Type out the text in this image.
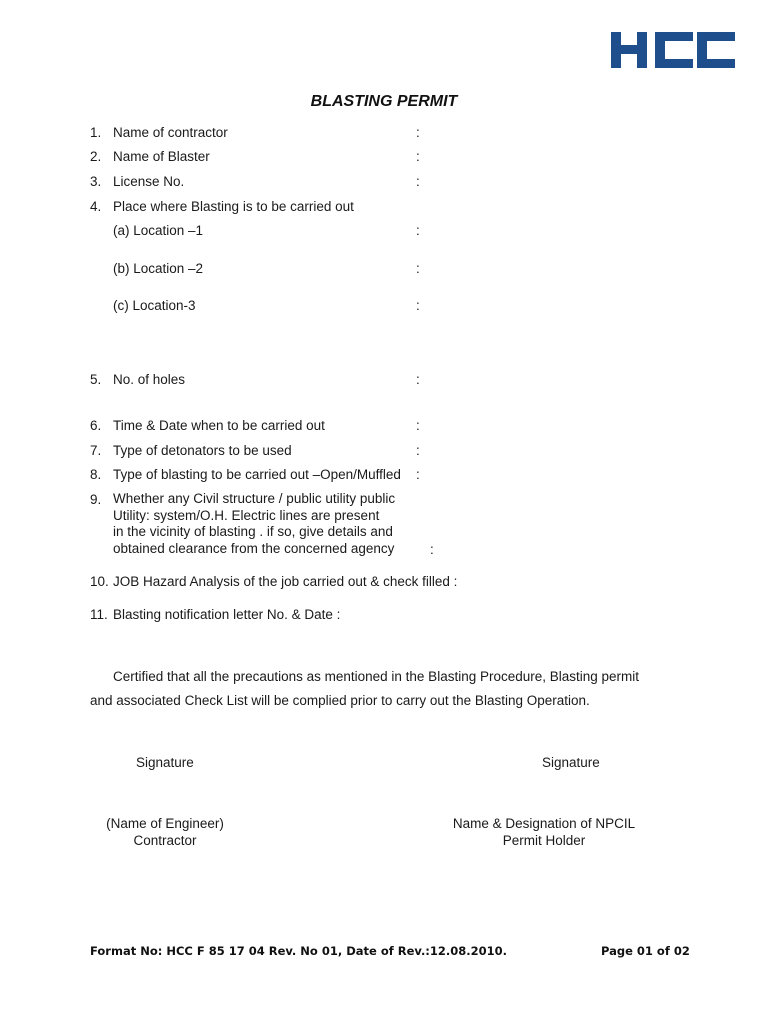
BLASTING PERMIT
1. Name of contractor	:
2. Name of Blaster	:
3. License No.	:
4. Place where Blasting is to be carried out
(a) Location –1	:
(b) Location –2	:
(c) Location-3	:
5. No. of holes	:
6. Time & Date when to be carried out	:
7. Type of detonators to be used	:
8. Type of blasting to be carried out –Open/Muffled :
9. Whether any Civil structure / public utility public
Utility: system/O.H. Electric lines are present
in the vicinity of blasting . if so, give details and
obtained clearance from the concerned agency	:
10. JOB Hazard Analysis of the job carried out & check filled :
11. Blasting notification letter No. & Date :
Certified that all the precautions as mentioned in the Blasting Procedure, Blasting permit
and associated Check List will be complied prior to carry out the Blasting Operation.
Signature	Signature
(Name of Engineer)
Contractor
Name & Designation of NPCIL
Permit Holder
Format No: HCC F 85 17 04 Rev. No 01, Date of Rev.:12.08.2010.	Page 01 of 02
